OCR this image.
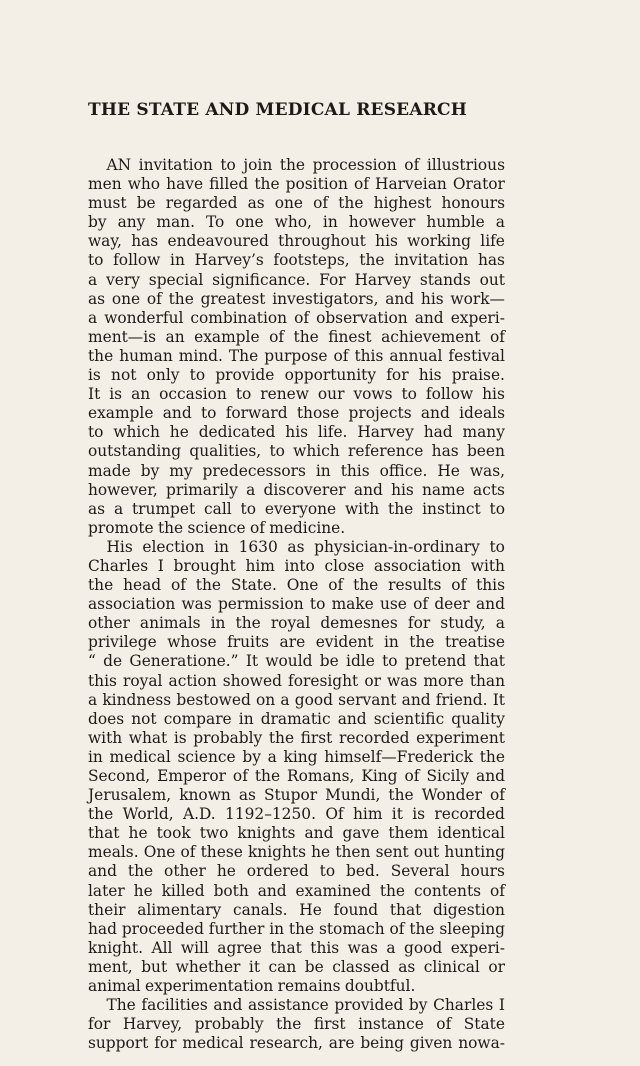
THE STATE AND MEDICAL RESEARCH
AN invitation to join the procession of illustrious
men who have filled the position of Harveian Orator
must be regarded as one of the highest honours
by any man. To one who, in however humble a
way, has endeavoured throughout his working life
to follow in Harvey’s footsteps, the invitation has
a very special significance. For Harvey stands out
as one of the greatest investigators, and his work—
a wonderful combination of observation and experi-
ment—is an example of the finest achievement of
the human mind. The purpose of this annual festival
is not only to provide opportunity for his praise.
It is an occasion to renew our vows to follow his
example and to forward those projects and ideals
to which he dedicated his life. Harvey had many
outstanding qualities, to which reference has been
made by my predecessors in this office. He was,
however, primarily a discoverer and his name acts
as a trumpet call to everyone with the instinct to
promote the science of medicine.
His election in 1630 as physician-in-ordinary to
Charles I brought him into close association with
the head of the State. One of the results of this
association was permission to make use of deer and
other animals in the royal demesnes for study, a
privilege whose fruits are evident in the treatise
“ de Generatione.” It would be idle to pretend that
this royal action showed foresight or was more than
a kindness bestowed on a good servant and friend. It
does not compare in dramatic and scientific quality
with what is probably the first recorded experiment
in medical science by a king himself—Frederick the
Second, Emperor of the Romans, King of Sicily and
Jerusalem, known as Stupor Mundi, the Wonder of
the World, A.D. 1192–1250. Of him it is recorded
that he took two knights and gave them identical
meals. One of these knights he then sent out hunting
and the other he ordered to bed. Several hours
later he killed both and examined the contents of
their alimentary canals. He found that digestion
had proceeded further in the stomach of the sleeping
knight. All will agree that this was a good experi-
ment, but whether it can be classed as clinical or
animal experimentation remains doubtful.
The facilities and assistance provided by Charles I
for Harvey, probably the first instance of State
support for medical research, are being given nowa-
